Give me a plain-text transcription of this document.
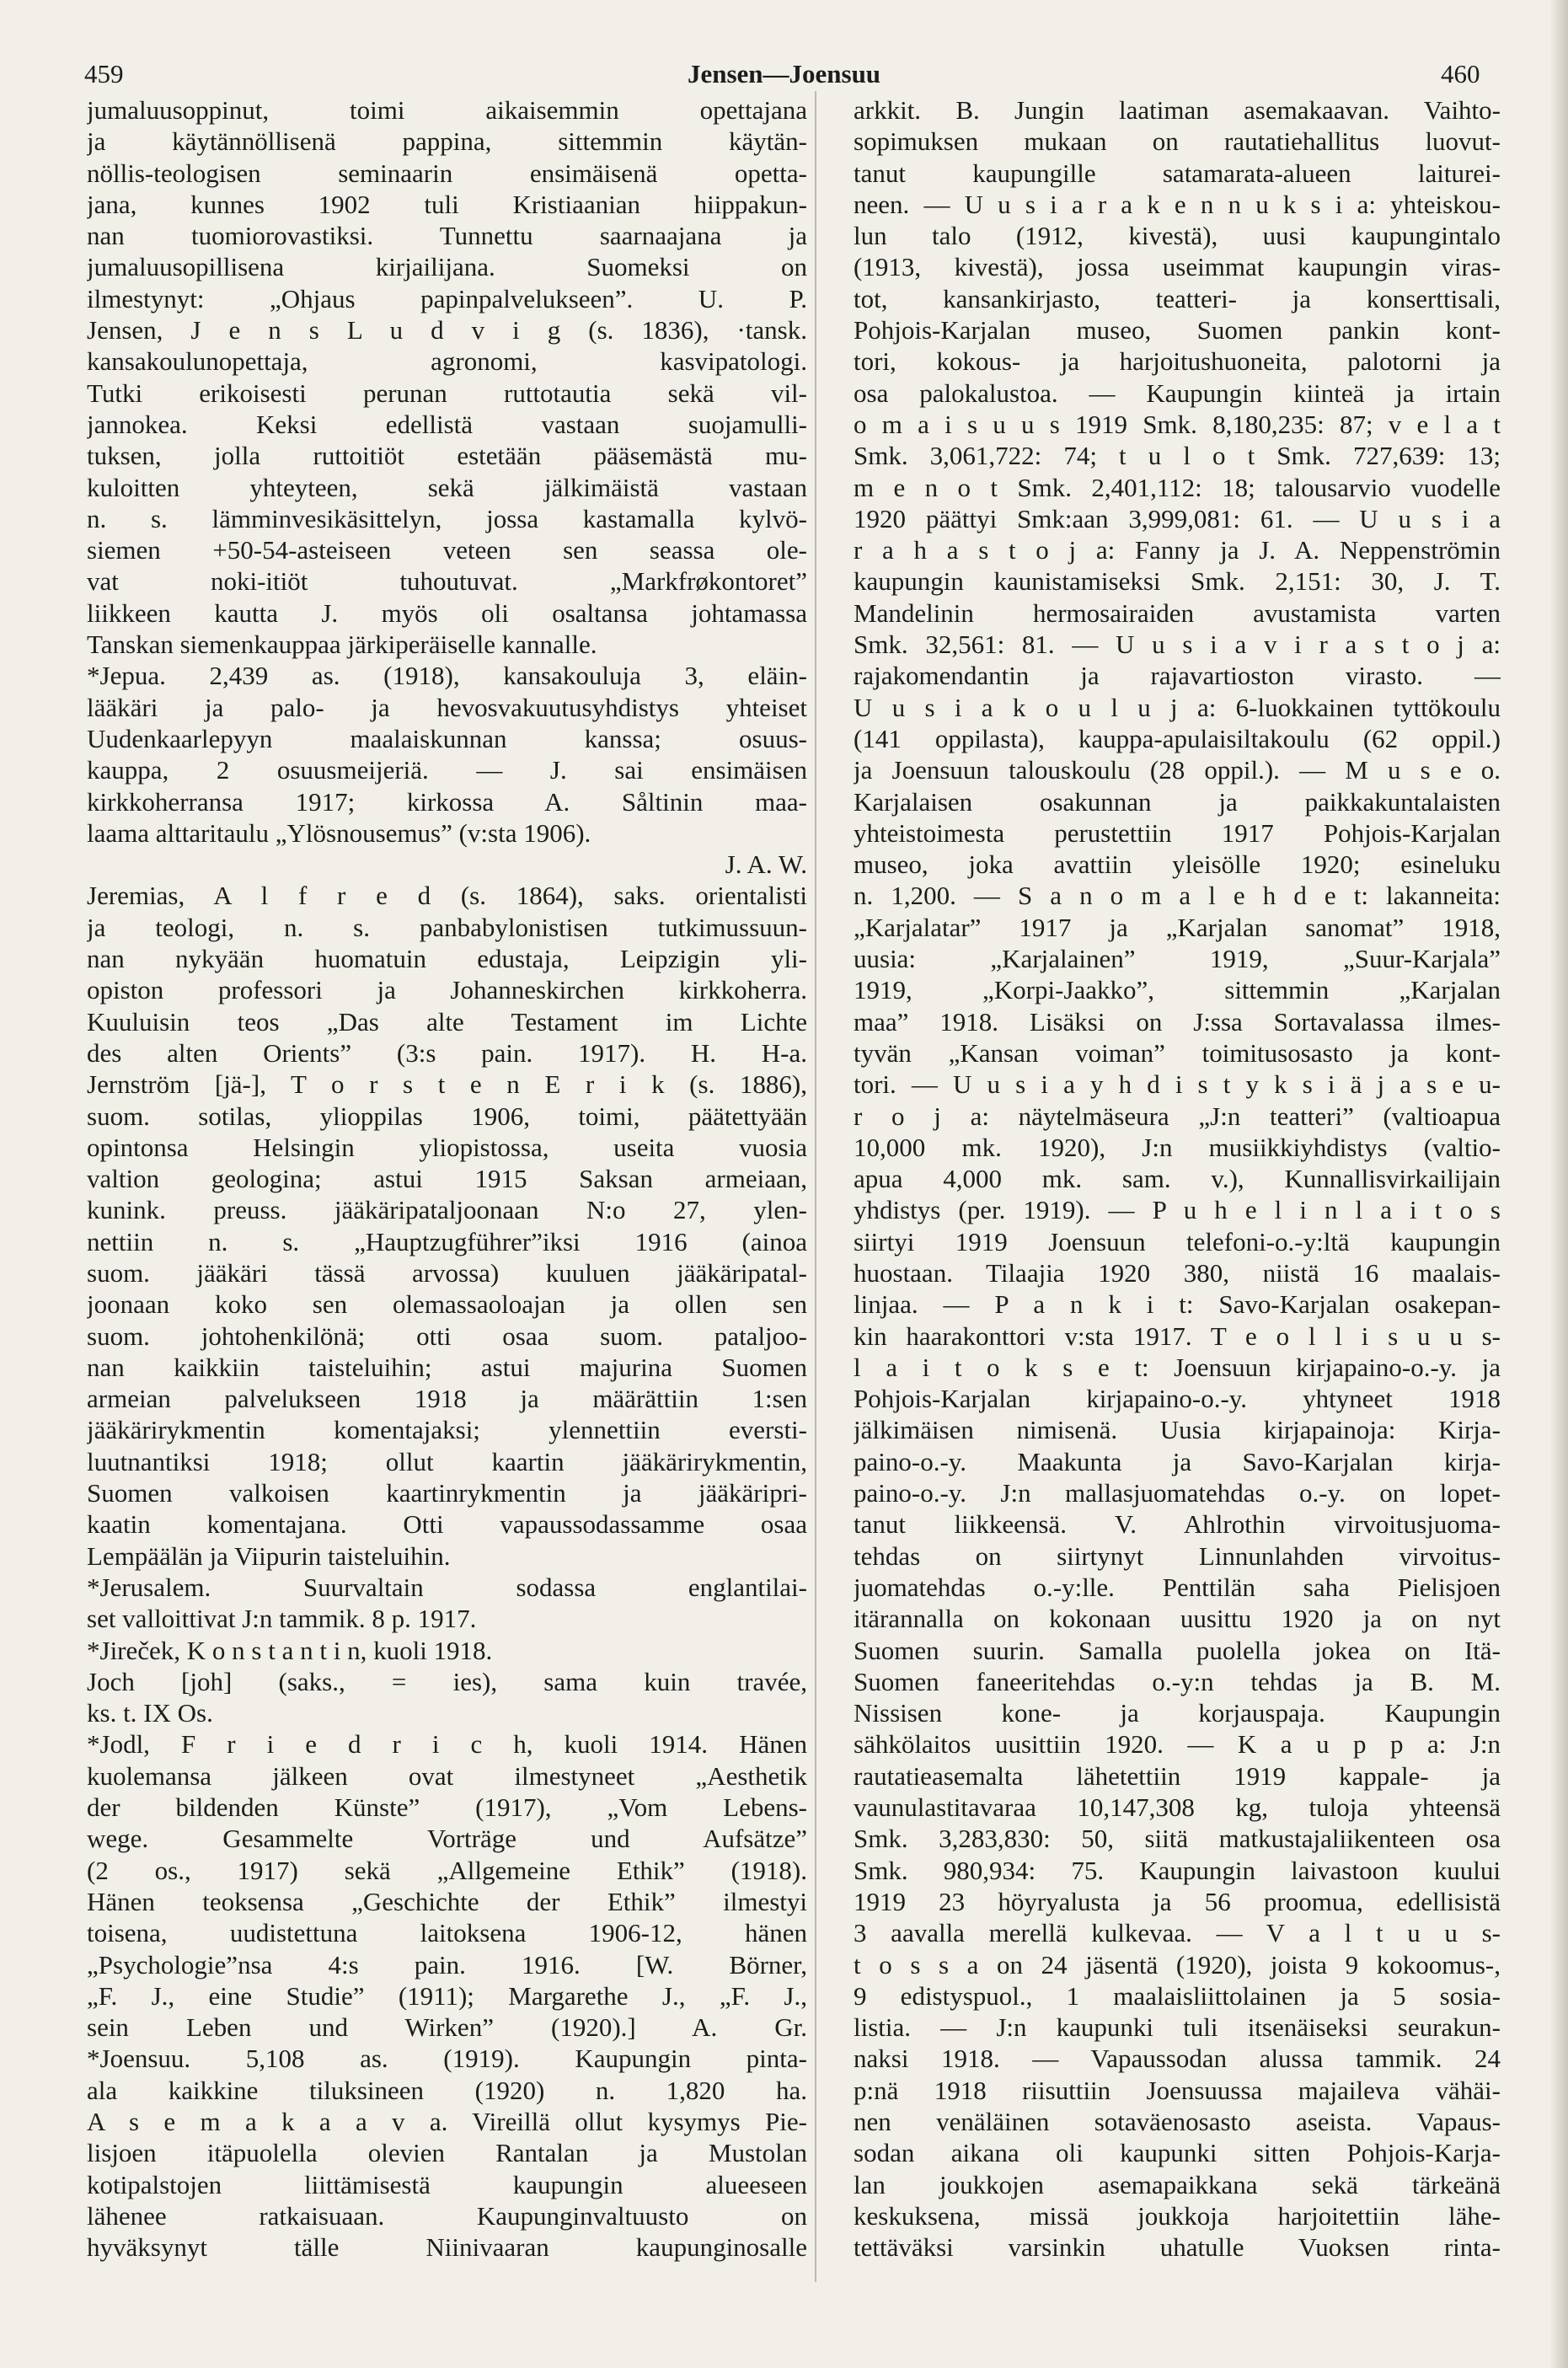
459	Jensen—Joensuu	460
jumaluusoppinut, toimi aikaisemmin opettajana
ja käytännöllisenä pappina, sittemmin käytän-
nöllis-teologisen seminaarin ensimäisenä opetta-
jana, kunnes 1902 tuli Kristiaanian hiippakun-
nan tuomiorovastiksi. Tunnettu saarnaajana ja
jumaluusopillisena kirjailijana. Suomeksi on
ilmestynyt: „Ohjaus papinpalvelukseen”. U. P.
Jensen, J e n s L u d v i g (s. 1836), ·tansk.
kansakoulunopettaja, agronomi, kasvipatologi.
Tutki erikoisesti perunan ruttotautia sekä vil-
jannokea. Keksi edellistä vastaan suojamulli-
tuksen, jolla ruttoitiöt estetään pääsemästä mu-
kuloitten yhteyteen, sekä jälkimäistä vastaan
n. s. lämminvesikäsittelyn, jossa kastamalla kylvö-
siemen +50-54-asteiseen veteen sen seassa ole-
vat noki-itiöt tuhoutuvat. „Markfrøkontoret”
liikkeen kautta J. myös oli osaltansa johtamassa
Tanskan siemenkauppaa järkiperäiselle kannalle.
*Jepua. 2,439 as. (1918), kansakouluja 3, eläin-
lääkäri ja palo- ja hevosvakuutusyhdistys yhteiset
Uudenkaarlepyyn maalaiskunnan kanssa; osuus-
kauppa, 2 osuusmeijeriä. — J. sai ensimäisen
kirkkoherransa 1917; kirkossa A. Såltinin maa-
laama alttaritaulu „Ylösnousemus” (v:sta 1906).
J. A. W.
Jeremias, A l f r e d (s. 1864), saks. orientalisti
ja teologi, n. s. panbabylonistisen tutkimussuun-
nan nykyään huomatuin edustaja, Leipzigin yli-
opiston professori ja Johanneskirchen kirkkoherra.
Kuuluisin teos „Das alte Testament im Lichte
des alten Orients” (3:s pain. 1917). H. H-a.
Jernström [jä-], T o r s t e n E r i k (s. 1886),
suom. sotilas, ylioppilas 1906, toimi, päätettyään
opintonsa Helsingin yliopistossa, useita vuosia
valtion geologina; astui 1915 Saksan armeiaan,
kunink. preuss. jääkäripataljoonaan N:o 27, ylen-
nettiin n. s. „Hauptzugführer”iksi 1916 (ainoa
suom. jääkäri tässä arvossa) kuuluen jääkäripatal-
joonaan koko sen olemassaoloajan ja ollen sen
suom. johtohenkilönä; otti osaa suom. pataljoo-
nan kaikkiin taisteluihin; astui majurina Suomen
armeian palvelukseen 1918 ja määrättiin 1:sen
jääkärirykmentin komentajaksi; ylennettiin eversti-
luutnantiksi 1918; ollut kaartin jääkärirykmentin,
Suomen valkoisen kaartinrykmentin ja jääkäripri-
kaatin komentajana. Otti vapaussodassamme osaa
Lempäälän ja Viipurin taisteluihin.
*Jerusalem. Suurvaltain sodassa englantilai-
set valloittivat J:n tammik. 8 p. 1917.
*Jireček, K o n s t a n t i n, kuoli 1918.
Joch [joh] (saks., = ies), sama kuin travée,
ks. t. IX Os.
*Jodl, F r i e d r i c h, kuoli 1914. Hänen
kuolemansa jälkeen ovat ilmestyneet „Aesthetik
der bildenden Künste” (1917), „Vom Lebens-
wege. Gesammelte Vorträge und Aufsätze”
(2 os., 1917) sekä „Allgemeine Ethik” (1918).
Hänen teoksensa „Geschichte der Ethik” ilmestyi
toisena, uudistettuna laitoksena 1906-12, hänen
„Psychologie”nsa 4:s pain. 1916. [W. Börner,
„F. J., eine Studie” (1911); Margarethe J., „F. J.,
sein Leben und Wirken” (1920).] A. Gr.
*Joensuu. 5,108 as. (1919). Kaupungin pinta-
ala kaikkine tiluksineen (1920) n. 1,820 ha.
A s e m a k a a v a. Vireillä ollut kysymys Pie-
lisjoen itäpuolella olevien Rantalan ja Mustolan
kotipalstojen liittämisestä kaupungin alueeseen
lähenee ratkaisuaan. Kaupunginvaltuusto on
hyväksynyt tälle Niinivaaran kaupunginosalle
arkkit. B. Jungin laatiman asemakaavan. Vaihto-
sopimuksen mukaan on rautatiehallitus luovut-
tanut kaupungille satamarata-alueen laiturei-
neen. — U u s i a r a k e n n u k s i a: yhteiskou-
lun talo (1912, kivestä), uusi kaupungintalo
(1913, kivestä), jossa useimmat kaupungin viras-
tot, kansankirjasto, teatteri- ja konserttisali,
Pohjois-Karjalan museo, Suomen pankin kont-
tori, kokous- ja harjoitushuoneita, palotorni ja
osa palokalustoa. — Kaupungin kiinteä ja irtain
o m a i s u u s 1919 Smk. 8,180,235: 87; v e l a t
Smk. 3,061,722: 74; t u l o t Smk. 727,639: 13;
m e n o t Smk. 2,401,112: 18; talousarvio vuodelle
1920 päättyi Smk:aan 3,999,081: 61. — U u s i a
r a h a s t o j a: Fanny ja J. A. Neppenströmin
kaupungin kaunistamiseksi Smk. 2,151: 30, J. T.
Mandelinin hermosairaiden avustamista varten
Smk. 32,561: 81. — U u s i a v i r a s t o j a:
rajakomendantin ja rajavartioston virasto. —
U u s i a k o u l u j a: 6-luokkainen tyttökoulu
(141 oppilasta), kauppa-apulaisiltakoulu (62 oppil.)
ja Joensuun talouskoulu (28 oppil.). — M u s e o.
Karjalaisen osakunnan ja paikkakuntalaisten
yhteistoimesta perustettiin 1917 Pohjois-Karjalan
museo, joka avattiin yleisölle 1920; esineluku
n. 1,200. — S a n o m a l e h d e t: lakanneita:
„Karjalatar” 1917 ja „Karjalan sanomat” 1918,
uusia: „Karjalainen” 1919, „Suur-Karjala”
1919, „Korpi-Jaakko”, sittemmin „Karjalan
maa” 1918. Lisäksi on J:ssa Sortavalassa ilmes-
tyvän „Kansan voiman” toimitusosasto ja kont-
tori. — U u s i a y h d i s t y k s i ä j a s e u-
r o j a: näytelmäseura „J:n teatteri” (valtioapua
10,000 mk. 1920), J:n musiikkiyhdistys (valtio-
apua 4,000 mk. sam. v.), Kunnallisvirkailijain
yhdistys (per. 1919). — P u h e l i n l a i t o s
siirtyi 1919 Joensuun telefoni-o.-y:ltä kaupungin
huostaan. Tilaajia 1920 380, niistä 16 maalais-
linjaa. — P a n k i t: Savo-Karjalan osakepan-
kin haarakonttori v:sta 1917. T e o l l i s u u s-
l a i t o k s e t: Joensuun kirjapaino-o.-y. ja
Pohjois-Karjalan kirjapaino-o.-y. yhtyneet 1918
jälkimäisen nimisenä. Uusia kirjapainoja: Kirja-
paino-o.-y. Maakunta ja Savo-Karjalan kirja-
paino-o.-y. J:n mallasjuomatehdas o.-y. on lopet-
tanut liikkeensä. V. Ahlrothin virvoitusjuoma-
tehdas on siirtynyt Linnunlahden virvoitus-
juomatehdas o.-y:lle. Penttilän saha Pielisjoen
itärannalla on kokonaan uusittu 1920 ja on nyt
Suomen suurin. Samalla puolella jokea on Itä-
Suomen faneeritehdas o.-y:n tehdas ja B. M.
Nissisen kone- ja korjauspaja. Kaupungin
sähkölaitos uusittiin 1920. — K a u p p a: J:n
rautatieasemalta lähetettiin 1919 kappale- ja
vaunulastitavaraa 10,147,308 kg, tuloja yhteensä
Smk. 3,283,830: 50, siitä matkustajaliikenteen osa
Smk. 980,934: 75. Kaupungin laivastoon kuului
1919 23 höyryalusta ja 56 proomua, edellisistä
3 aavalla merellä kulkevaa. — V a l t u u s-
t o s s a on 24 jäsentä (1920), joista 9 kokoomus-,
9 edistyspuol., 1 maalaisliittolainen ja 5 sosia-
listia. — J:n kaupunki tuli itsenäiseksi seurakun-
naksi 1918. — Vapaussodan alussa tammik. 24
p:nä 1918 riisuttiin Joensuussa majaileva vähäi-
nen venäläinen sotaväenosasto aseista. Vapaus-
sodan aikana oli kaupunki sitten Pohjois-Karja-
lan joukkojen asemapaikkana sekä tärkeänä
keskuksena, missä joukkoja harjoitettiin lähe-
tettäväksi varsinkin uhatulle Vuoksen rinta-
